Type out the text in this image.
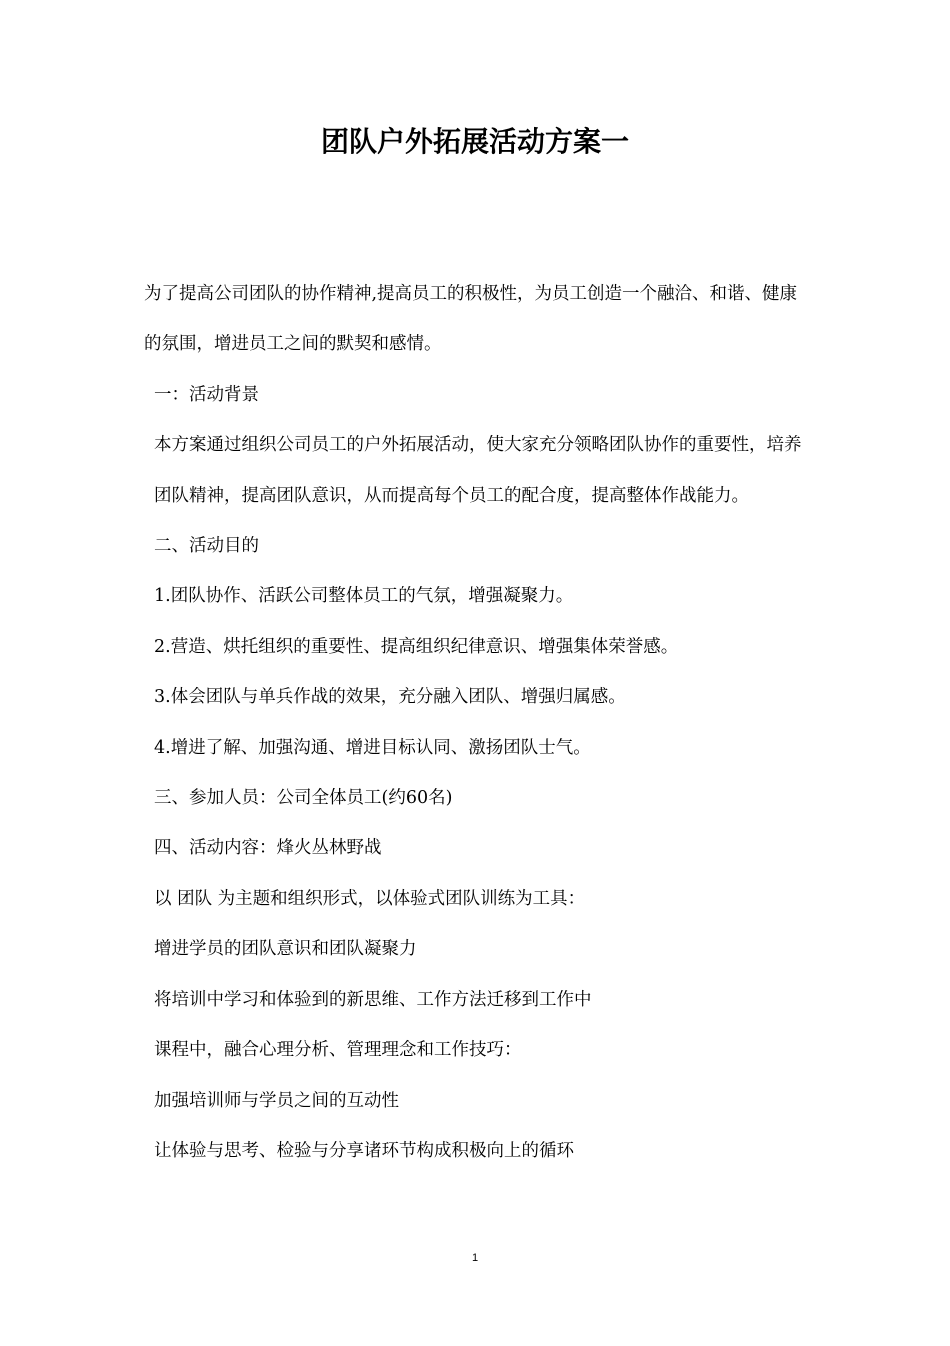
团队户外拓展活动方案一

为了提高公司团队的协作精神,提高员工的积极性，为员工创造一个融洽、和谐、健康的氛围，增进员工之间的默契和感情。

一：活动背景

本方案通过组织公司员工的户外拓展活动，使大家充分领略团队协作的重要性，培养团队精神，提高团队意识，从而提高每个员工的配合度，提高整体作战能力。

二、活动目的

1.团队协作、活跃公司整体员工的气氛，增强凝聚力。

2.营造、烘托组织的重要性、提高组织纪律意识、增强集体荣誉感。

3.体会团队与单兵作战的效果，充分融入团队、增强归属感。

4.增进了解、加强沟通、增进目标认同、激扬团队士气。

三、参加人员：公司全体员工(约60名)

四、活动内容：烽火丛林野战

以 团队 为主题和组织形式，以体验式团队训练为工具：

增进学员的团队意识和团队凝聚力

将培训中学习和体验到的新思维、工作方法迁移到工作中

课程中，融合心理分析、管理理念和工作技巧：

加强培训师与学员之间的互动性

让体验与思考、检验与分享诸环节构成积极向上的循环

1
